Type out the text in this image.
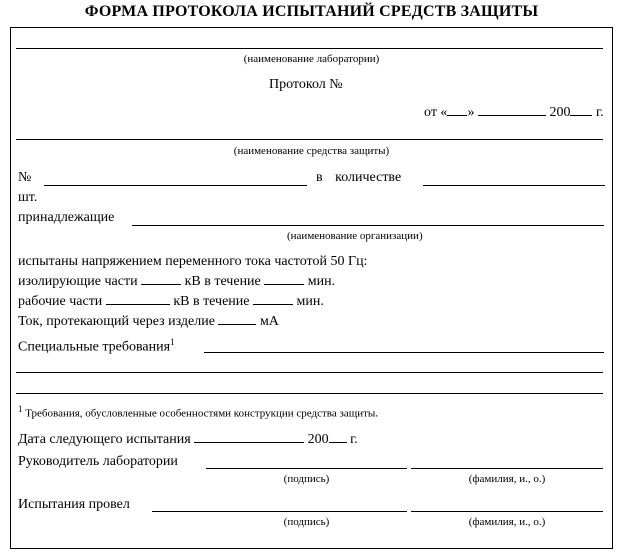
ФОРМА ПРОТОКОЛА ИСПЫТАНИЙ СРЕДСТВ ЗАЩИТЫ
(наименование лаборатории)
Протокол №
от « »	200 г.
(наименование средства защиты)
№	в количестве
шт.
принадлежащие
(наименование организации)
испытаны напряжением переменного тока частотой 50 Гц:
изолирующие части	кВ в течение	мин.
рабочие части	кВ в течение	мин.
Ток, протекающий через изделие	мА
Специальные требования$^1$
$^1$ Требования, обусловленные особенностями конструкции средства защиты.
Дата следующего испытания	200 г.
Руководитель лаборатории
(подпись)	(фамилия, и., о.)
Испытания провел
(подпись)	(фамилия, и., о.)
